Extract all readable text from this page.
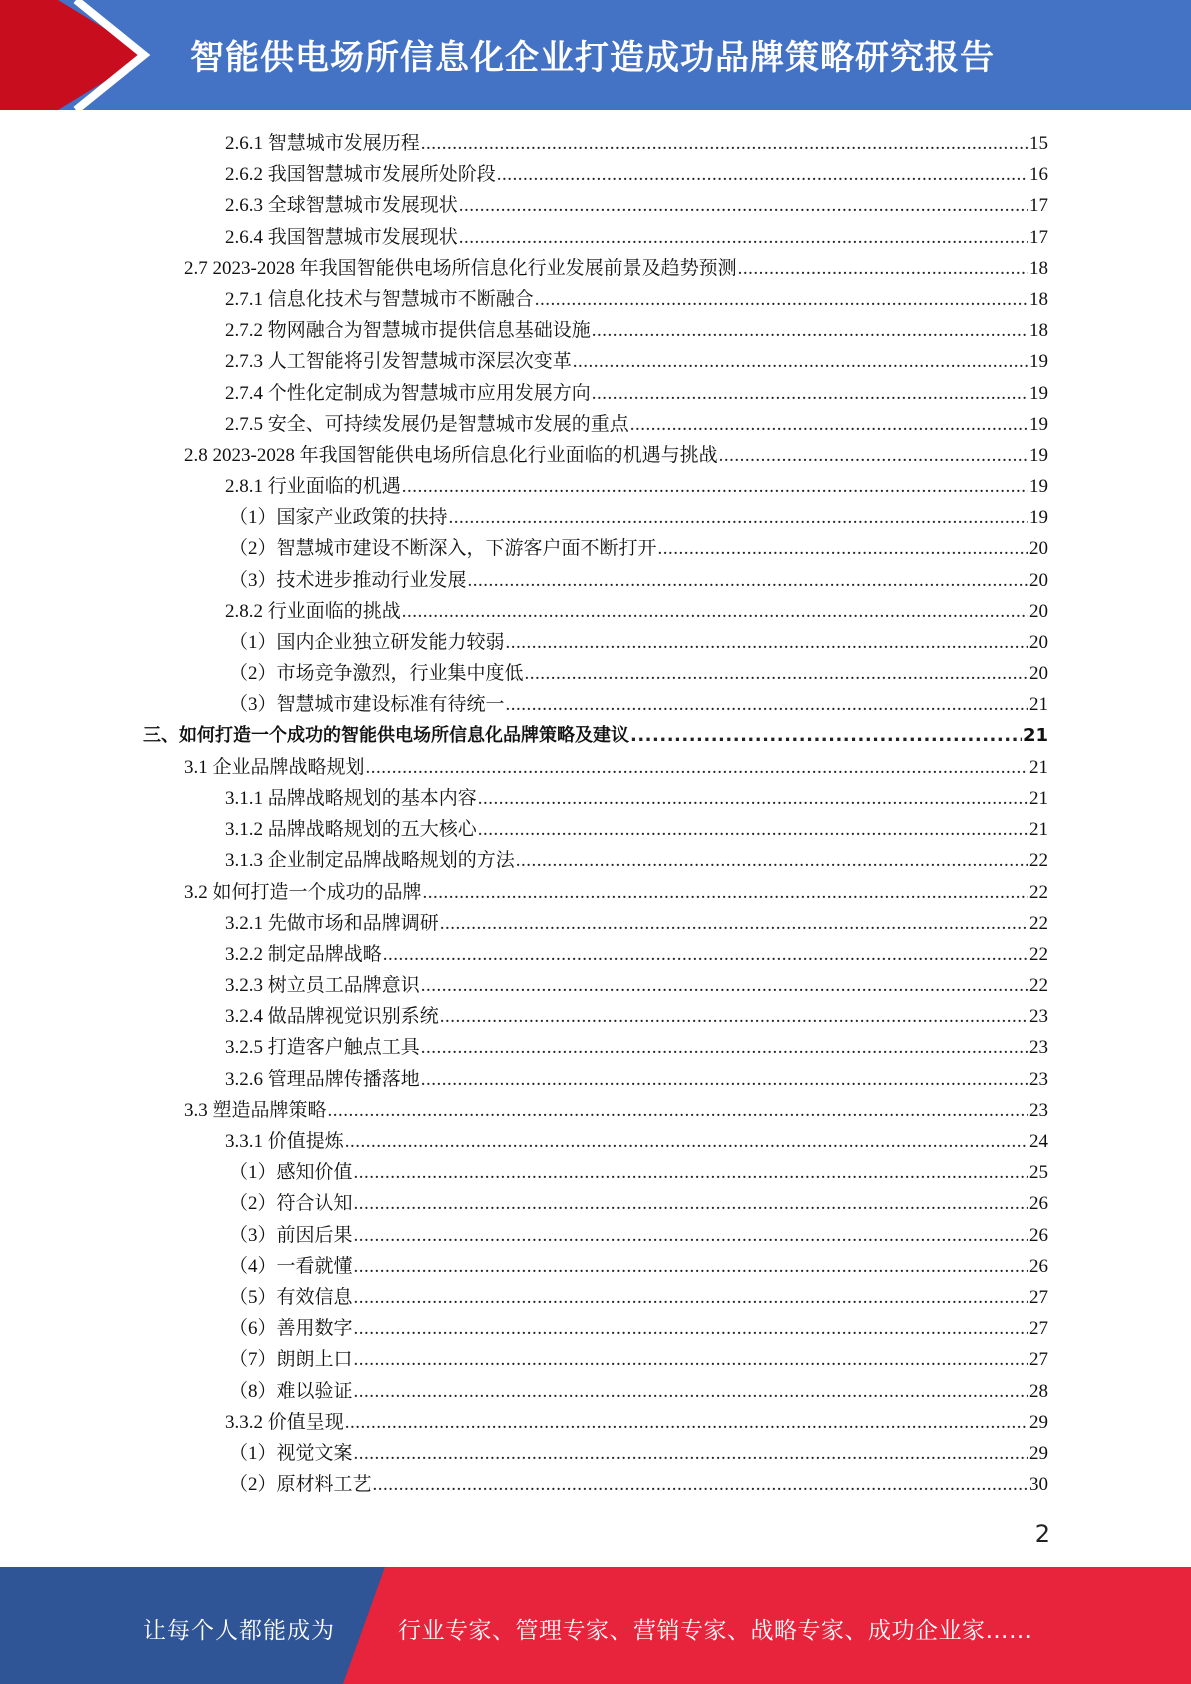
智能供电场所信息化企业打造成功品牌策略研究报告
2.6.1 智慧城市发展历程 .....	15
2.6.2 我国智慧城市发展所处阶段 .....	16
2.6.3 全球智慧城市发展现状 .....	17
2.6.4 我国智慧城市发展现状 .....	17
2.7 2023-2028 年我国智能供电场所信息化行业发展前景及趋势预测 .....	18
2.7.1 信息化技术与智慧城市不断融合 .....	18
2.7.2 物网融合为智慧城市提供信息基础设施 .....	18
2.7.3 人工智能将引发智慧城市深层次变革 .....	19
2.7.4 个性化定制成为智慧城市应用发展方向 .....	19
2.7.5 安全、可持续发展仍是智慧城市发展的重点 .....	19
2.8 2023-2028 年我国智能供电场所信息化行业面临的机遇与挑战 .....	19
2.8.1 行业面临的机遇 .....	19
（1）国家产业政策的扶持 .....	19
（2）智慧城市建设不断深入，下游客户面不断打开 .....	20
（3）技术进步推动行业发展 .....	20
2.8.2 行业面临的挑战 .....	20
（1）国内企业独立研发能力较弱 .....	20
（2）市场竞争激烈，行业集中度低 .....	20
（3）智慧城市建设标准有待统一 .....	21
三、如何打造一个成功的智能供电场所信息化品牌策略及建议 .....	21
3.1 企业品牌战略规划 .....	21
3.1.1 品牌战略规划的基本内容 .....	21
3.1.2 品牌战略规划的五大核心 .....	21
3.1.3 企业制定品牌战略规划的方法 .....	22
3.2 如何打造一个成功的品牌 .....	22
3.2.1 先做市场和品牌调研 .....	22
3.2.2 制定品牌战略 .....	22
3.2.3 树立员工品牌意识 .....	22
3.2.4 做品牌视觉识别系统 .....	23
3.2.5 打造客户触点工具 .....	23
3.2.6 管理品牌传播落地 .....	23
3.3 塑造品牌策略 .....	23
3.3.1 价值提炼 .....	24
（1）感知价值 .....	25
（2）符合认知 .....	26
（3）前因后果 .....	26
（4）一看就懂 .....	26
（5）有效信息 .....	27
（6）善用数字 .....	27
（7）朗朗上口 .....	27
（8）难以验证 .....	28
3.3.2 价值呈现 .....	29
（1）视觉文案 .....	29
（2）原材料工艺 .....	30
2
让每个人都能成为	行业专家、管理专家、营销专家、战略专家、成功企业家……
